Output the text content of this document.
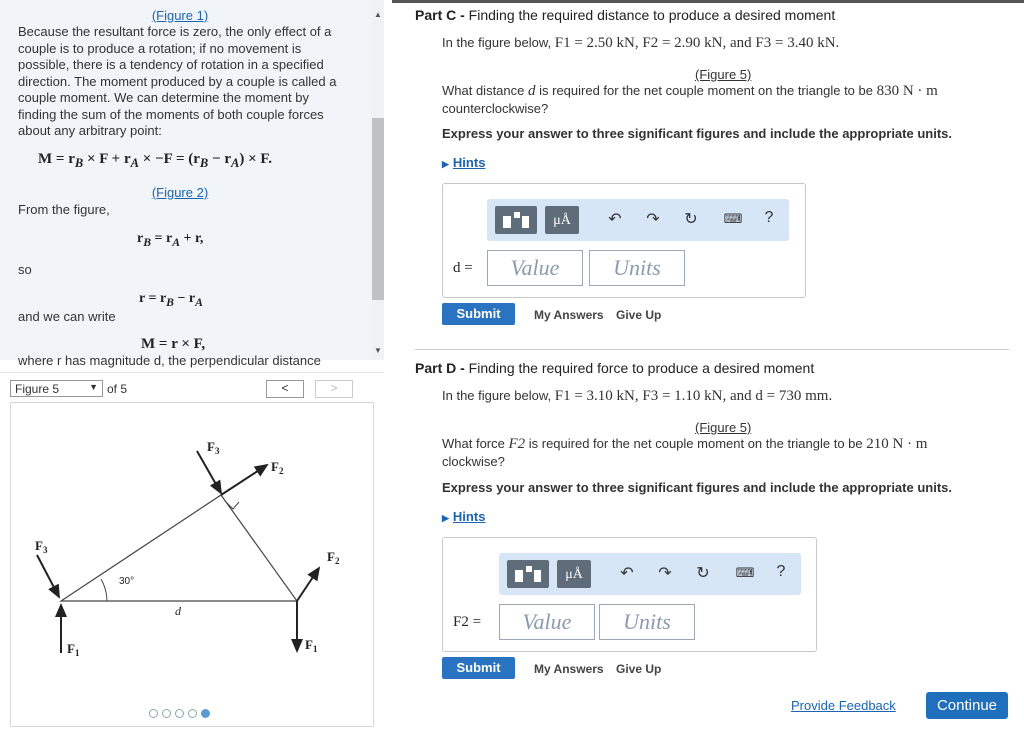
(Figure 1)
Because the resultant force is zero, the only effect of a couple is to produce a rotation; if no movement is possible, there is a tendency of rotation in a specified direction. The moment produced by a couple is called a couple moment. We can determine the moment by finding the sum of the moments of both couple forces about any arbitrary point:
$M = r_B \times F + r_A \times -F = (r_B - r_A) \times F$.
(Figure 2)
From the figure,
$r_B = r_A + r$,
so
$r = r_B - r_A$
and we can write
M = r × F,
where r has magnitude d, the perpendicular distance
▲
▼
Figure 5	▼ of 5	<	>
$F_3$
$F_2$
$F_3$	$F_2$
$F_1$
$F_1$
30°
d
Part C - Finding the required distance to produce a desired moment
In the figure below, F1 = 2.50 kN, F2 = 2.90 kN, and F3 = 3.40 kN.
(Figure 5)
What distance d is required for the net couple moment on the triangle to be 830 N · m
counterclockwise?
Express your answer to three significant figures and include the appropriate units.
▶ Hints
μÅ	↶ ↷ ↻ ⌨	?
d =	Value	Units
Submit	My Answers Give Up
Part D - Finding the required force to produce a desired moment
In the figure below, F1 = 3.10 kN, F3 = 1.10 kN, and d = 730 mm.
(Figure 5)
What force F2 is required for the net couple moment on the triangle to be 210 N · m
clockwise?
Express your answer to three significant figures and include the appropriate units.
▶ Hints
μÅ	↶ ↷ ↻ ⌨	?
F2 =	Value	Units
Submit	My Answers Give Up
Provide Feedback	Continue
